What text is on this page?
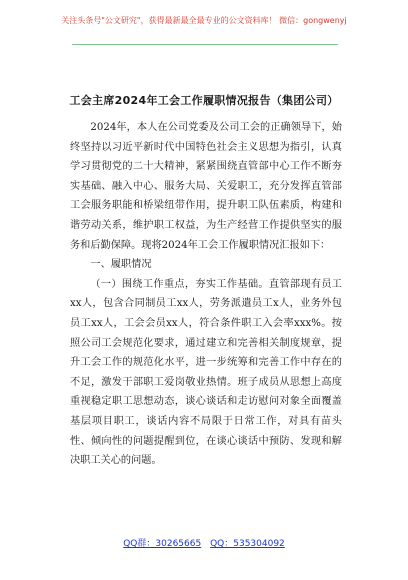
关注头条号"公文研究"，获得最新最全最专业的公文资料库！ 微信：gongwenyj
工会主席2024年工会工作履职情况报告（集团公司）

2024年，本人在公司党委及公司工会的正确领导下，始终坚持以习近平新时代中国特色社会主义思想为指引，认真学习贯彻党的二十大精神，紧紧围绕直管部中心工作不断夯实基础、融入中心、服务大局、关爱职工，充分发挥直管部工会服务职能和桥梁纽带作用，提升职工队伍素质，构建和谐劳动关系，维护职工权益，为生产经营工作提供坚实的服务和后勤保障。现将2024年工会工作履职情况汇报如下：

一、履职情况

（一）围绕工作重点，夯实工作基础。直管部现有员工xx人，包含合同制员工xx人，劳务派遣员工x人，业务外包员工xx人，工会会员xx人，符合条件职工入会率xxx%。按照公司工会规范化要求，通过建立和完善相关制度规章，提升工会工作的规范化水平，进一步统筹和完善工作中存在的不足，激发干部职工爱岗敬业热情。班子成员从思想上高度重视稳定职工思想动态，谈心谈话和走访慰问对象全面覆盖基层项目职工，谈话内容不局限于日常工作，对具有苗头性、倾向性的问题提醒到位，在谈心谈话中预防、发现和解决职工关心的问题。

QQ群：30265665 QQ：535304092
